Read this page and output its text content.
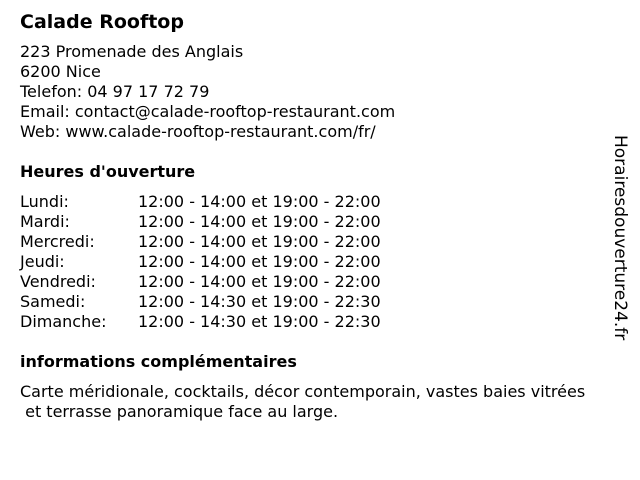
Calade Rooftop
223 Promenade des Anglais
6200 Nice
Telefon: 04 97 17 72 79
Email: contact@calade-rooftop-restaurant.com
Web: www.calade-rooftop-restaurant.com/fr/
Heures d'ouverture
Lundi:	12:00 - 14:00 et 19:00 - 22:00
Mardi:	12:00 - 14:00 et 19:00 - 22:00
Mercredi:	12:00 - 14:00 et 19:00 - 22:00
Jeudi:	12:00 - 14:00 et 19:00 - 22:00
Vendredi:	12:00 - 14:00 et 19:00 - 22:00
Samedi:	12:00 - 14:30 et 19:00 - 22:30
Dimanche:	12:00 - 14:30 et 19:00 - 22:30
informations complémentaires
Carte méridionale, cocktails, décor contemporain, vastes baies vitrées
et terrasse panoramique face au large.
Horairesdouverture24.fr
